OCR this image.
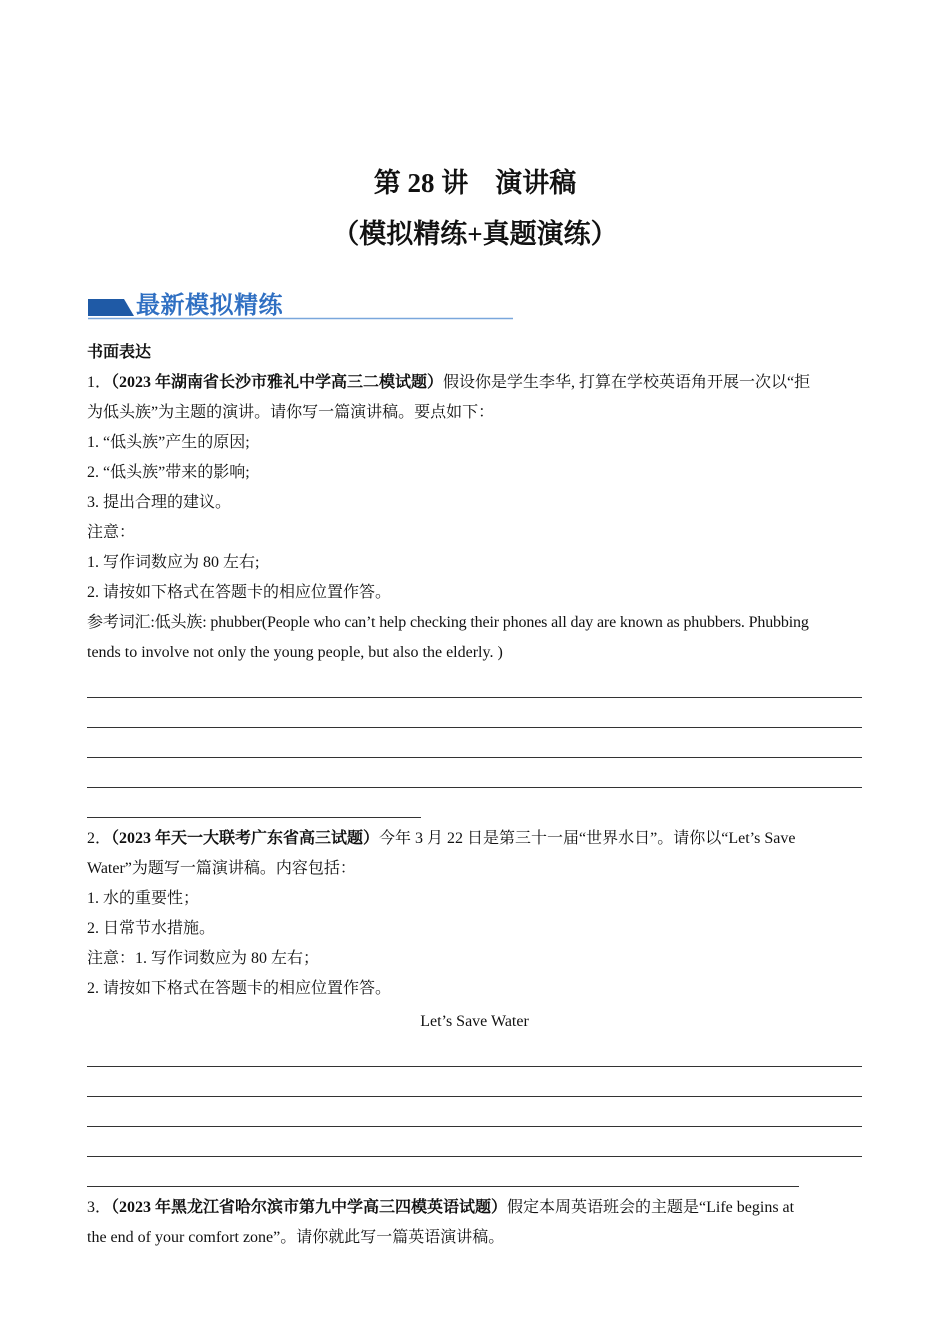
第 28 讲　演讲稿
（模拟精练+真题演练）
最新模拟精练
书面表达
1．（2023 年湖南省长沙市雅礼中学高三二模试题）假设你是学生李华, 打算在学校英语角开展一次以“拒
为低头族”为主题的演讲。请你写一篇演讲稿。要点如下：
1. “低头族”产生的原因;
2. “低头族”带来的影响;
3. 提出合理的建议。
注意：
1. 写作词数应为 80 左右;
2. 请按如下格式在答题卡的相应位置作答。
参考词汇:低头族: phubber(People who can’t help checking their phones all day are known as phubbers. Phubbing
tends to involve not only the young people, but also the elderly. )
2．（2023 年天一大联考广东省高三试题）今年 3 月 22 日是第三十一届“世界水日”。请你以“Let’s Save
Water”为题写一篇演讲稿。内容包括：
1. 水的重要性；
2. 日常节水措施。
注意：1. 写作词数应为 80 左右；
2. 请按如下格式在答题卡的相应位置作答。
Let’s Save Water
3．（2023 年黑龙江省哈尔滨市第九中学高三四模英语试题）假定本周英语班会的主题是“Life begins at
the end of your comfort zone”。请你就此写一篇英语演讲稿。
